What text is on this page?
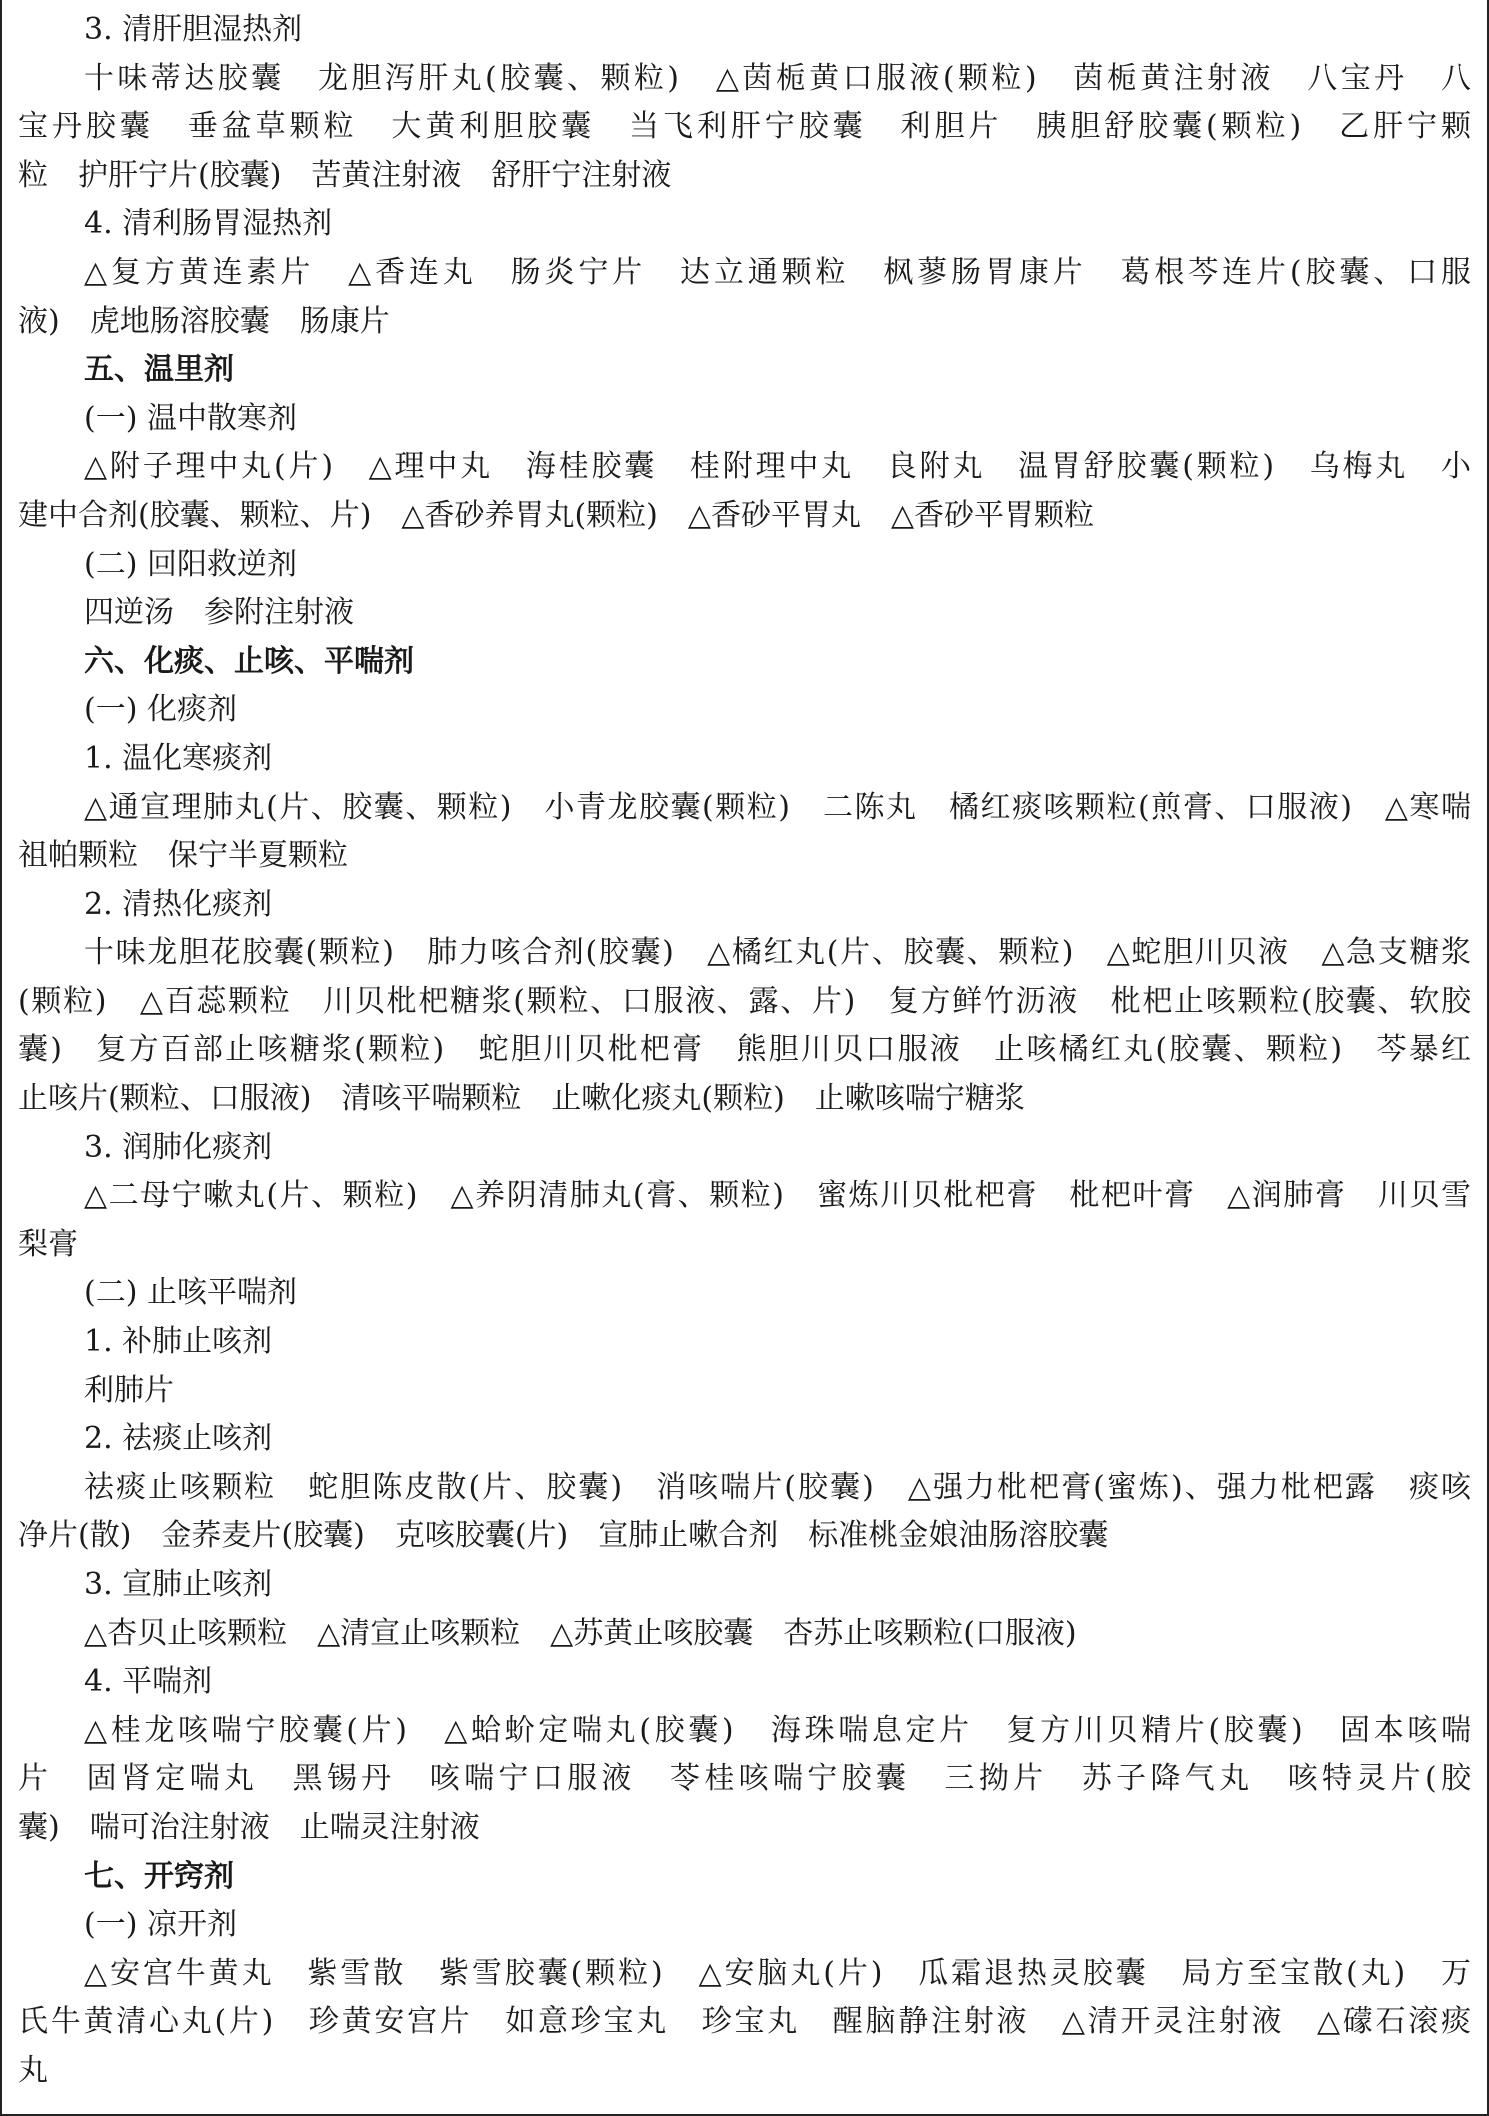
3. 清肝胆湿热剂
十味蒂达胶囊　龙胆泻肝丸(胶囊、颗粒)　△茵栀黄口服液(颗粒)　茵栀黄注射液　八宝丹　八
宝丹胶囊　垂盆草颗粒　大黄利胆胶囊　当飞利肝宁胶囊　利胆片　胰胆舒胶囊(颗粒)　乙肝宁颗
粒　护肝宁片(胶囊)　苦黄注射液　舒肝宁注射液
4. 清利肠胃湿热剂
△复方黄连素片　△香连丸　肠炎宁片　达立通颗粒　枫蓼肠胃康片　葛根芩连片(胶囊、口服
液)　虎地肠溶胶囊　肠康片
五、温里剂
(一) 温中散寒剂
△附子理中丸(片)　△理中丸　海桂胶囊　桂附理中丸　良附丸　温胃舒胶囊(颗粒)　乌梅丸　小
建中合剂(胶囊、颗粒、片)　△香砂养胃丸(颗粒)　△香砂平胃丸　△香砂平胃颗粒
(二) 回阳救逆剂
四逆汤　参附注射液
六、化痰、止咳、平喘剂
(一) 化痰剂
1. 温化寒痰剂
△通宣理肺丸(片、胶囊、颗粒)　小青龙胶囊(颗粒)　二陈丸　橘红痰咳颗粒(煎膏、口服液)　△寒喘
祖帕颗粒　保宁半夏颗粒
2. 清热化痰剂
十味龙胆花胶囊(颗粒)　肺力咳合剂(胶囊)　△橘红丸(片、胶囊、颗粒)　△蛇胆川贝液　△急支糖浆
(颗粒)　△百蕊颗粒　川贝枇杷糖浆(颗粒、口服液、露、片)　复方鲜竹沥液　枇杷止咳颗粒(胶囊、软胶
囊)　复方百部止咳糖浆(颗粒)　蛇胆川贝枇杷膏　熊胆川贝口服液　止咳橘红丸(胶囊、颗粒)　芩暴红
止咳片(颗粒、口服液)　清咳平喘颗粒　止嗽化痰丸(颗粒)　止嗽咳喘宁糖浆
3. 润肺化痰剂
△二母宁嗽丸(片、颗粒)　△养阴清肺丸(膏、颗粒)　蜜炼川贝枇杷膏　枇杷叶膏　△润肺膏　川贝雪
梨膏
(二) 止咳平喘剂
1. 补肺止咳剂
利肺片
2. 祛痰止咳剂
祛痰止咳颗粒　蛇胆陈皮散(片、胶囊)　消咳喘片(胶囊)　△强力枇杷膏(蜜炼)、强力枇杷露　痰咳
净片(散)　金荞麦片(胶囊)　克咳胶囊(片)　宣肺止嗽合剂　标准桃金娘油肠溶胶囊
3. 宣肺止咳剂
△杏贝止咳颗粒　△清宣止咳颗粒　△苏黄止咳胶囊　杏苏止咳颗粒(口服液)
4. 平喘剂
△桂龙咳喘宁胶囊(片)　△蛤蚧定喘丸(胶囊)　海珠喘息定片　复方川贝精片(胶囊)　固本咳喘
片　固肾定喘丸　黑锡丹　咳喘宁口服液　苓桂咳喘宁胶囊　三拗片　苏子降气丸　咳特灵片(胶
囊)　喘可治注射液　止喘灵注射液
七、开窍剂
(一) 凉开剂
△安宫牛黄丸　紫雪散　紫雪胶囊(颗粒)　△安脑丸(片)　瓜霜退热灵胶囊　局方至宝散(丸)　万
氏牛黄清心丸(片)　珍黄安宫片　如意珍宝丸　珍宝丸　醒脑静注射液　△清开灵注射液　△礞石滚痰
丸
